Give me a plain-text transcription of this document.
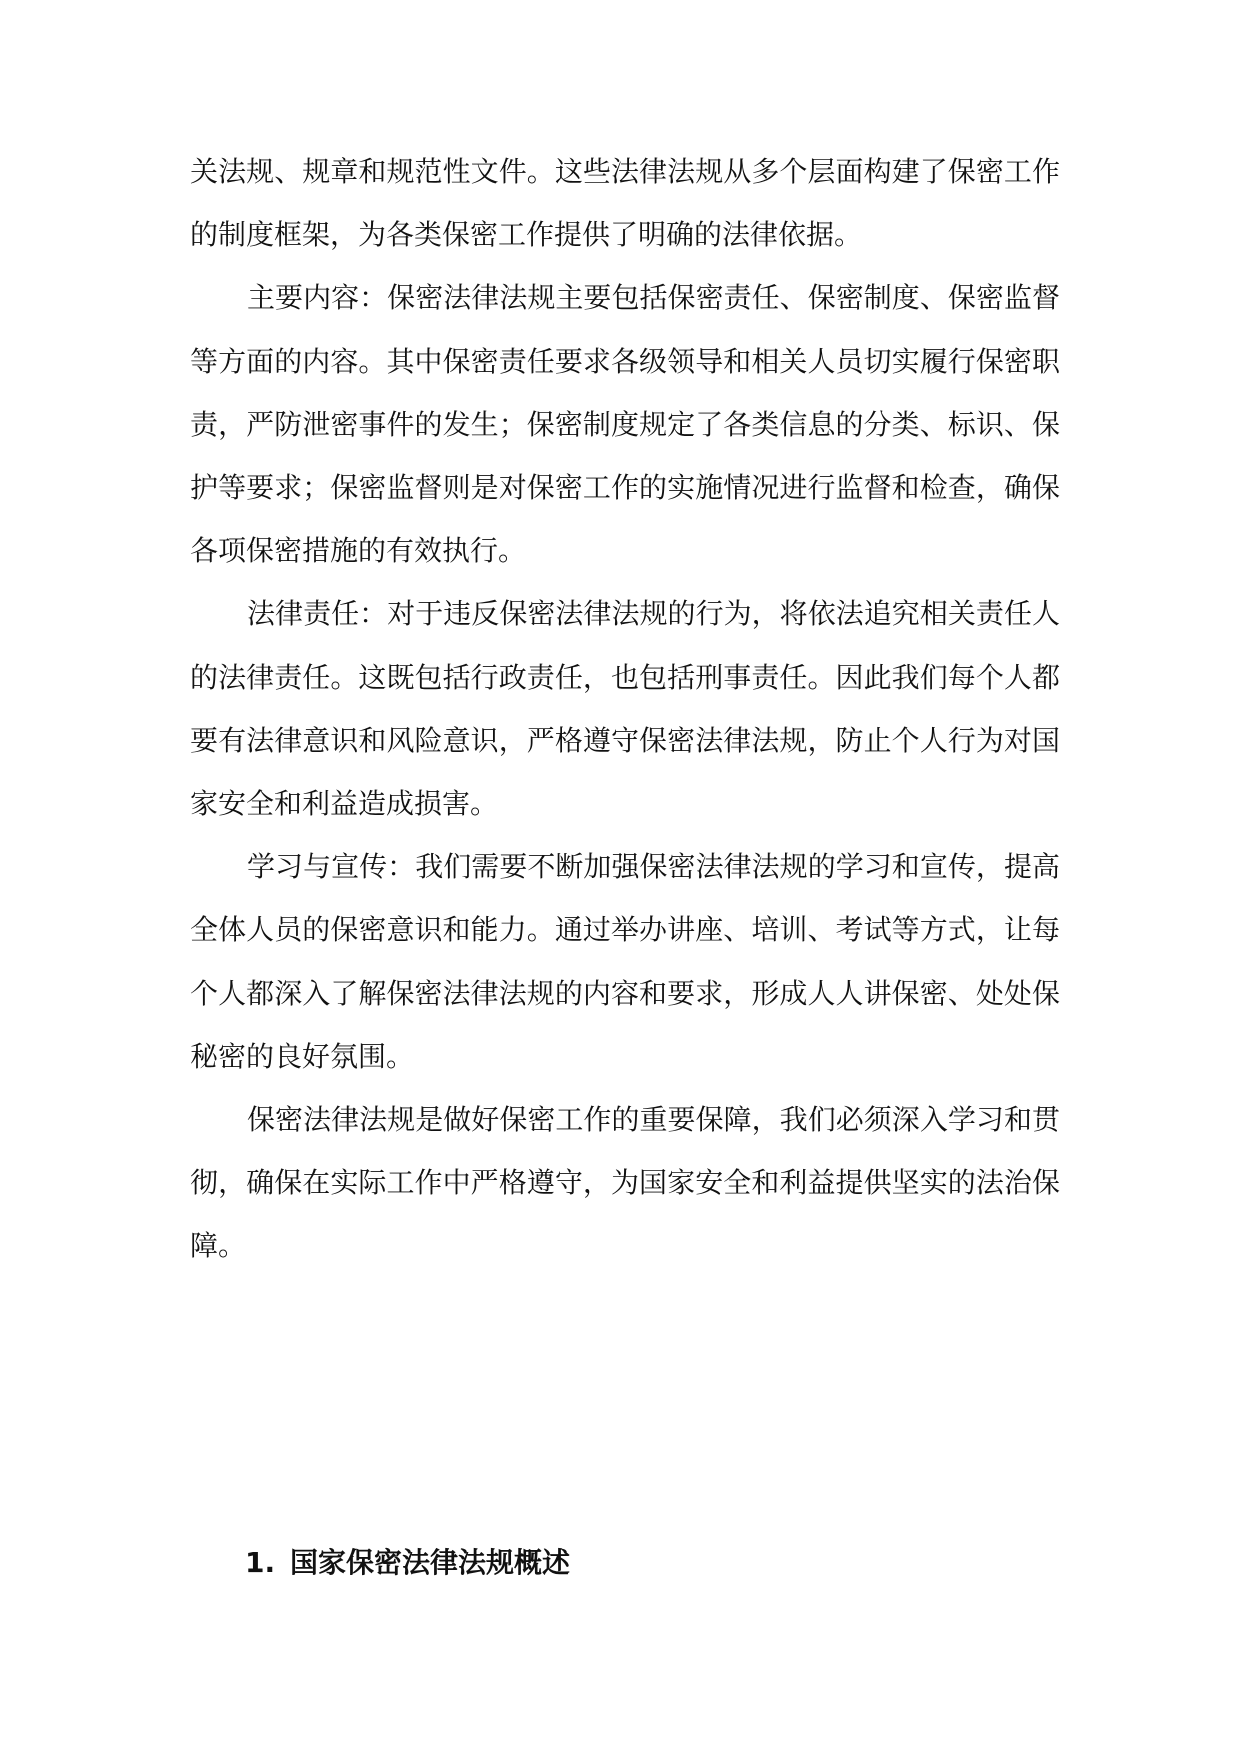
关法规、规章和规范性文件。这些法律法规从多个层面构建了保密工作的制度框架，为各类保密工作提供了明确的法律依据。

主要内容：保密法律法规主要包括保密责任、保密制度、保密监督等方面的内容。其中保密责任要求各级领导和相关人员切实履行保密职责，严防泄密事件的发生；保密制度规定了各类信息的分类、标识、保护等要求；保密监督则是对保密工作的实施情况进行监督和检查，确保各项保密措施的有效执行。

法律责任：对于违反保密法律法规的行为，将依法追究相关责任人的法律责任。这既包括行政责任，也包括刑事责任。因此我们每个人都要有法律意识和风险意识，严格遵守保密法律法规，防止个人行为对国家安全和利益造成损害。

学习与宣传：我们需要不断加强保密法律法规的学习和宣传，提高全体人员的保密意识和能力。通过举办讲座、培训、考试等方式，让每个人都深入了解保密法律法规的内容和要求，形成人人讲保密、处处保秘密的良好氛围。

保密法律法规是做好保密工作的重要保障，我们必须深入学习和贯彻，确保在实际工作中严格遵守，为国家安全和利益提供坚实的法治保障。

1. 国家保密法律法规概述
